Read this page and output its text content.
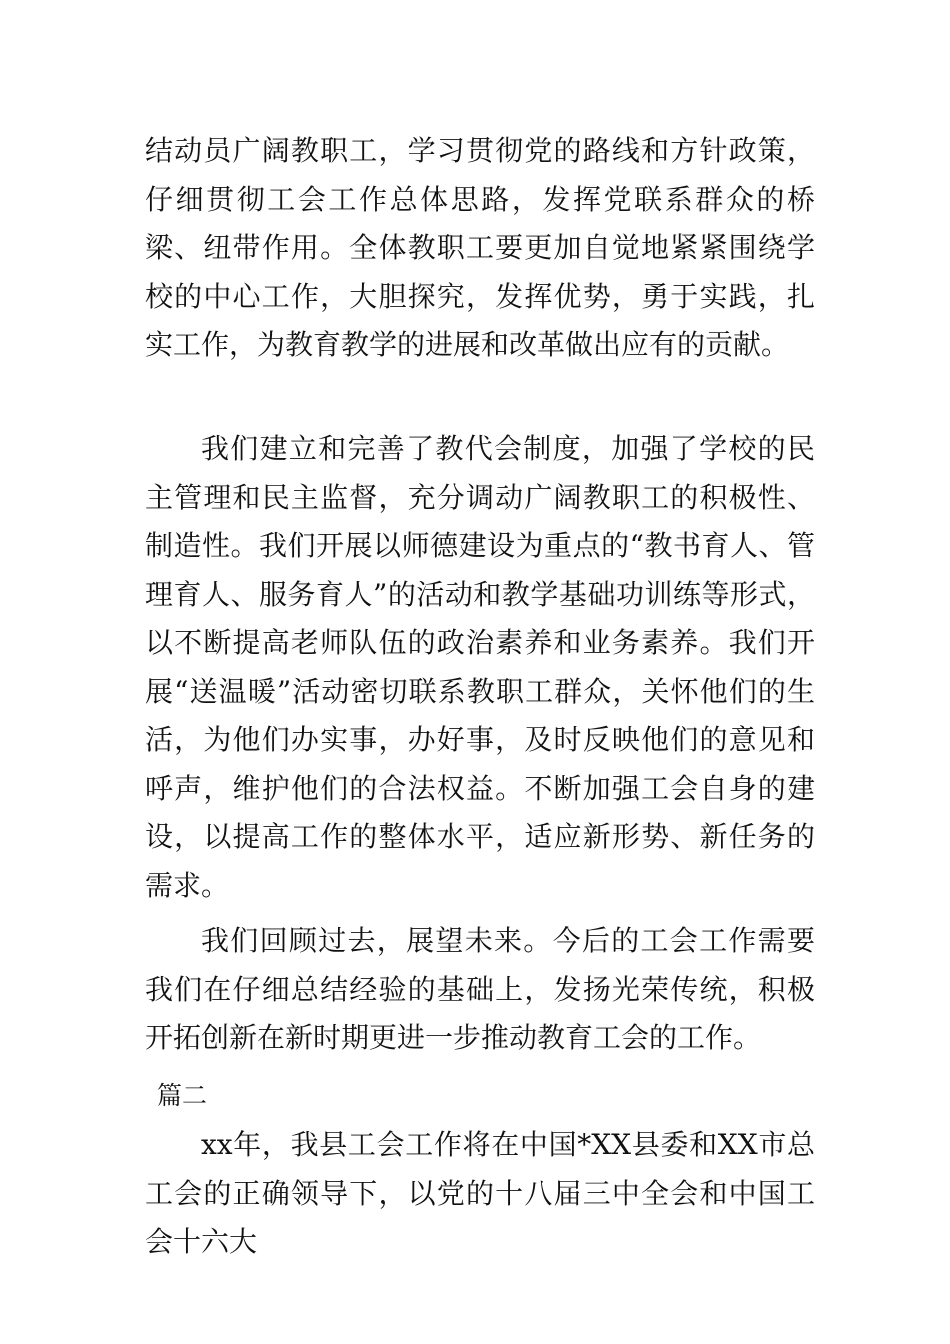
结动员广阔教职工，学习贯彻党的路线和方针政策，仔细贯彻工会工作总体思路，发挥党联系群众的桥梁、纽带作用。全体教职工要更加自觉地紧紧围绕学校的中心工作，大胆探究，发挥优势，勇于实践，扎实工作，为教育教学的进展和改革做出应有的贡献。

我们建立和完善了教代会制度，加强了学校的民主管理和民主监督，充分调动广阔教职工的积极性、制造性。我们开展以师德建设为重点的“教书育人、管理育人、服务育人”的活动和教学基础功训练等形式，以不断提高老师队伍的政治素养和业务素养。我们开展“送温暖”活动密切联系教职工群众，关怀他们的生活，为他们办实事，办好事，及时反映他们的意见和呼声，维护他们的合法权益。不断加强工会自身的建设，以提高工作的整体水平，适应新形势、新任务的需求。

我们回顾过去，展望未来。今后的工会工作需要我们在仔细总结经验的基础上，发扬光荣传统，积极开拓创新在新时期更进一步推动教育工会的工作。

篇二

xx年，我县工会工作将在中国*XX县委和XX市总工会的正确领导下，以党的十八届三中全会和中国工会十六大
